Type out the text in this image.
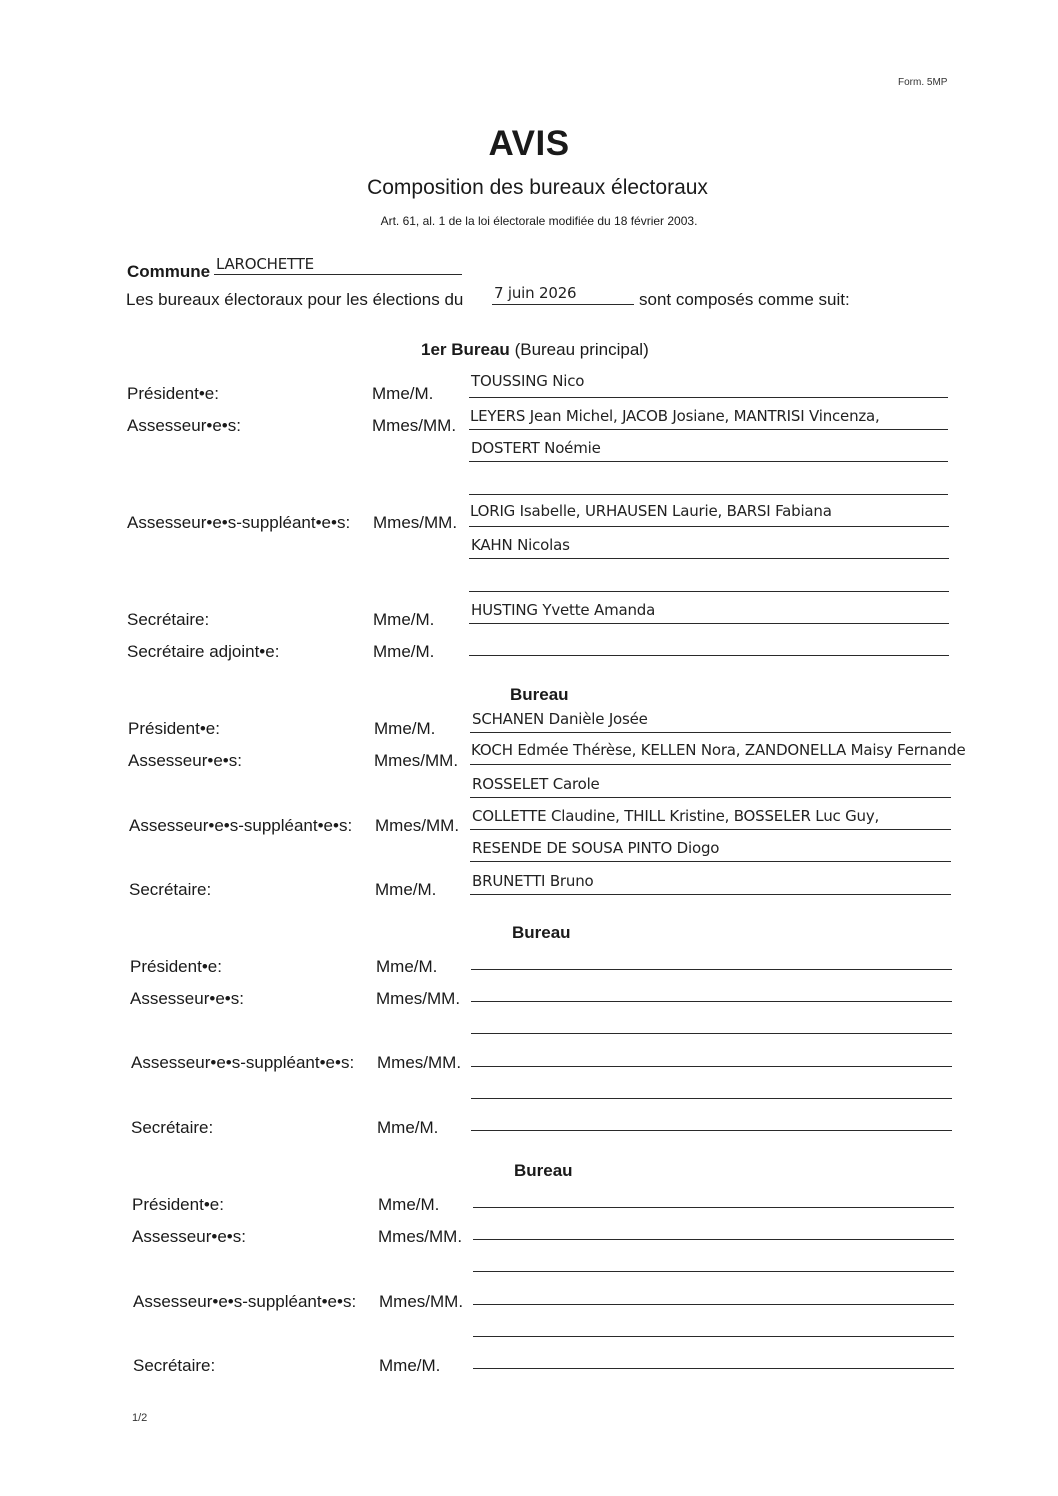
Form. 5MP
AVIS
Composition des bureaux électoraux
Art. 61, al. 1 de la loi électorale modifiée du 18 février 2003.
Commune LAROCHETTE
Les bureaux électoraux pour les élections du 7 juin 2026	sont composés comme suit:
1er Bureau (Bureau principal)
Président•e:	Mme/M.
TOUSSING Nico
Assesseur•e•s:	Mmes/MM. LEYERS Jean Michel, JACOB Josiane, MANTRISI Vincenza,
DOSTERT Noémie
Assesseur•e•s-suppléant•e•s: Mmes/MM.
LORIG Isabelle, URHAUSEN Laurie, BARSI Fabiana
KAHN Nicolas
Secrétaire:	Mme/M. HUSTING Yvette Amanda
Secrétaire adjoint•e:	Mme/M.
Bureau
Président•e:	Mme/M. SCHANEN Danièle Josée
Assesseur•e•s:	Mmes/MM.
KOCH Edmée Thérèse, KELLEN Nora, ZANDONELLA Maisy Fernande
ROSSELET Carole
Assesseur•e•s-suppléant•e•s: Mmes/MM. COLLETTE Claudine, THILL Kristine, BOSSELER Luc Guy,
RESENDE DE SOUSA PINTO Diogo
Secrétaire:	Mme/M. BRUNETTI Bruno
Bureau
Président•e:	Mme/M.
Assesseur•e•s:	Mmes/MM.
Assesseur•e•s-suppléant•e•s: Mmes/MM.
Secrétaire:	Mme/M.
Bureau
Président•e:	Mme/M.
Assesseur•e•s:	Mmes/MM.
Assesseur•e•s-suppléant•e•s: Mmes/MM.
Secrétaire:	Mme/M.
1/2
